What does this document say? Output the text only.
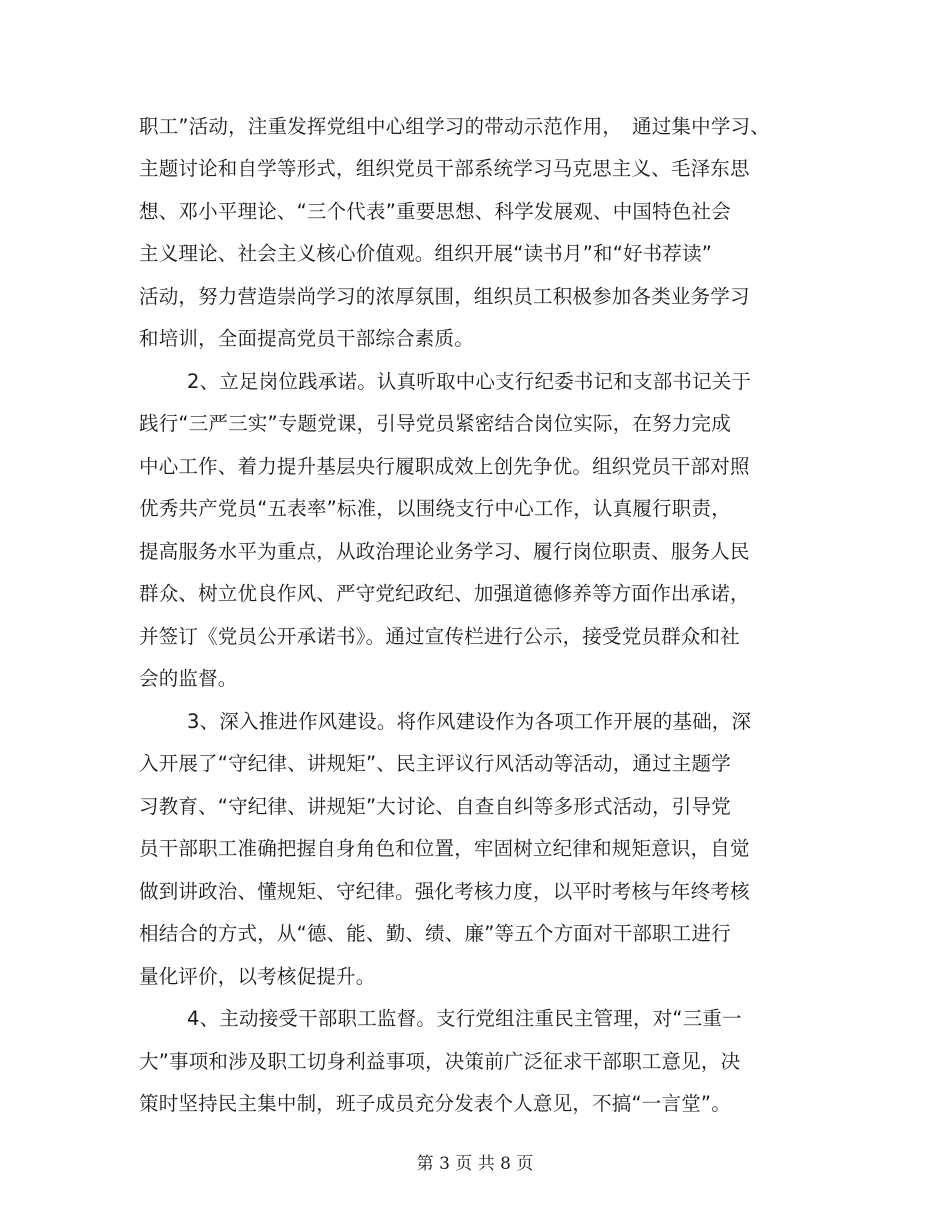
职工”活动，注重发挥党组中心组学习的带动示范作用，　通过集中学习、
主题讨论和自学等形式，组织党员干部系统学习马克思主义、毛泽东思
想、邓小平理论、“三个代表”重要思想、科学发展观、中国特色社会
主义理论、社会主义核心价值观。组织开展“读书月”和“好书荐读”
活动，努力营造崇尚学习的浓厚氛围，组织员工积极参加各类业务学习
和培训，全面提高党员干部综合素质。
2、立足岗位践承诺。认真听取中心支行纪委书记和支部书记关于
践行“三严三实”专题党课，引导党员紧密结合岗位实际，在努力完成
中心工作、着力提升基层央行履职成效上创先争优。组织党员干部对照
优秀共产党员“五表率”标准，以围绕支行中心工作，认真履行职责，
提高服务水平为重点，从政治理论业务学习、履行岗位职责、服务人民
群众、树立优良作风、严守党纪政纪、加强道德修养等方面作出承诺，
并签订《党员公开承诺书》。通过宣传栏进行公示，接受党员群众和社
会的监督。
3、深入推进作风建设。将作风建设作为各项工作开展的基础，深
入开展了“守纪律、讲规矩”、民主评议行风活动等活动，通过主题学
习教育、“守纪律、讲规矩”大讨论、自查自纠等多形式活动，引导党
员干部职工准确把握自身角色和位置，牢固树立纪律和规矩意识，自觉
做到讲政治、懂规矩、守纪律。强化考核力度，以平时考核与年终考核
相结合的方式，从“德、能、勤、绩、廉”等五个方面对干部职工进行
量化评价，以考核促提升。
4、主动接受干部职工监督。支行党组注重民主管理，对“三重一
大”事项和涉及职工切身利益事项，决策前广泛征求干部职工意见，决
策时坚持民主集中制，班子成员充分发表个人意见，不搞“一言堂”。
第 3 页 共 8 页
